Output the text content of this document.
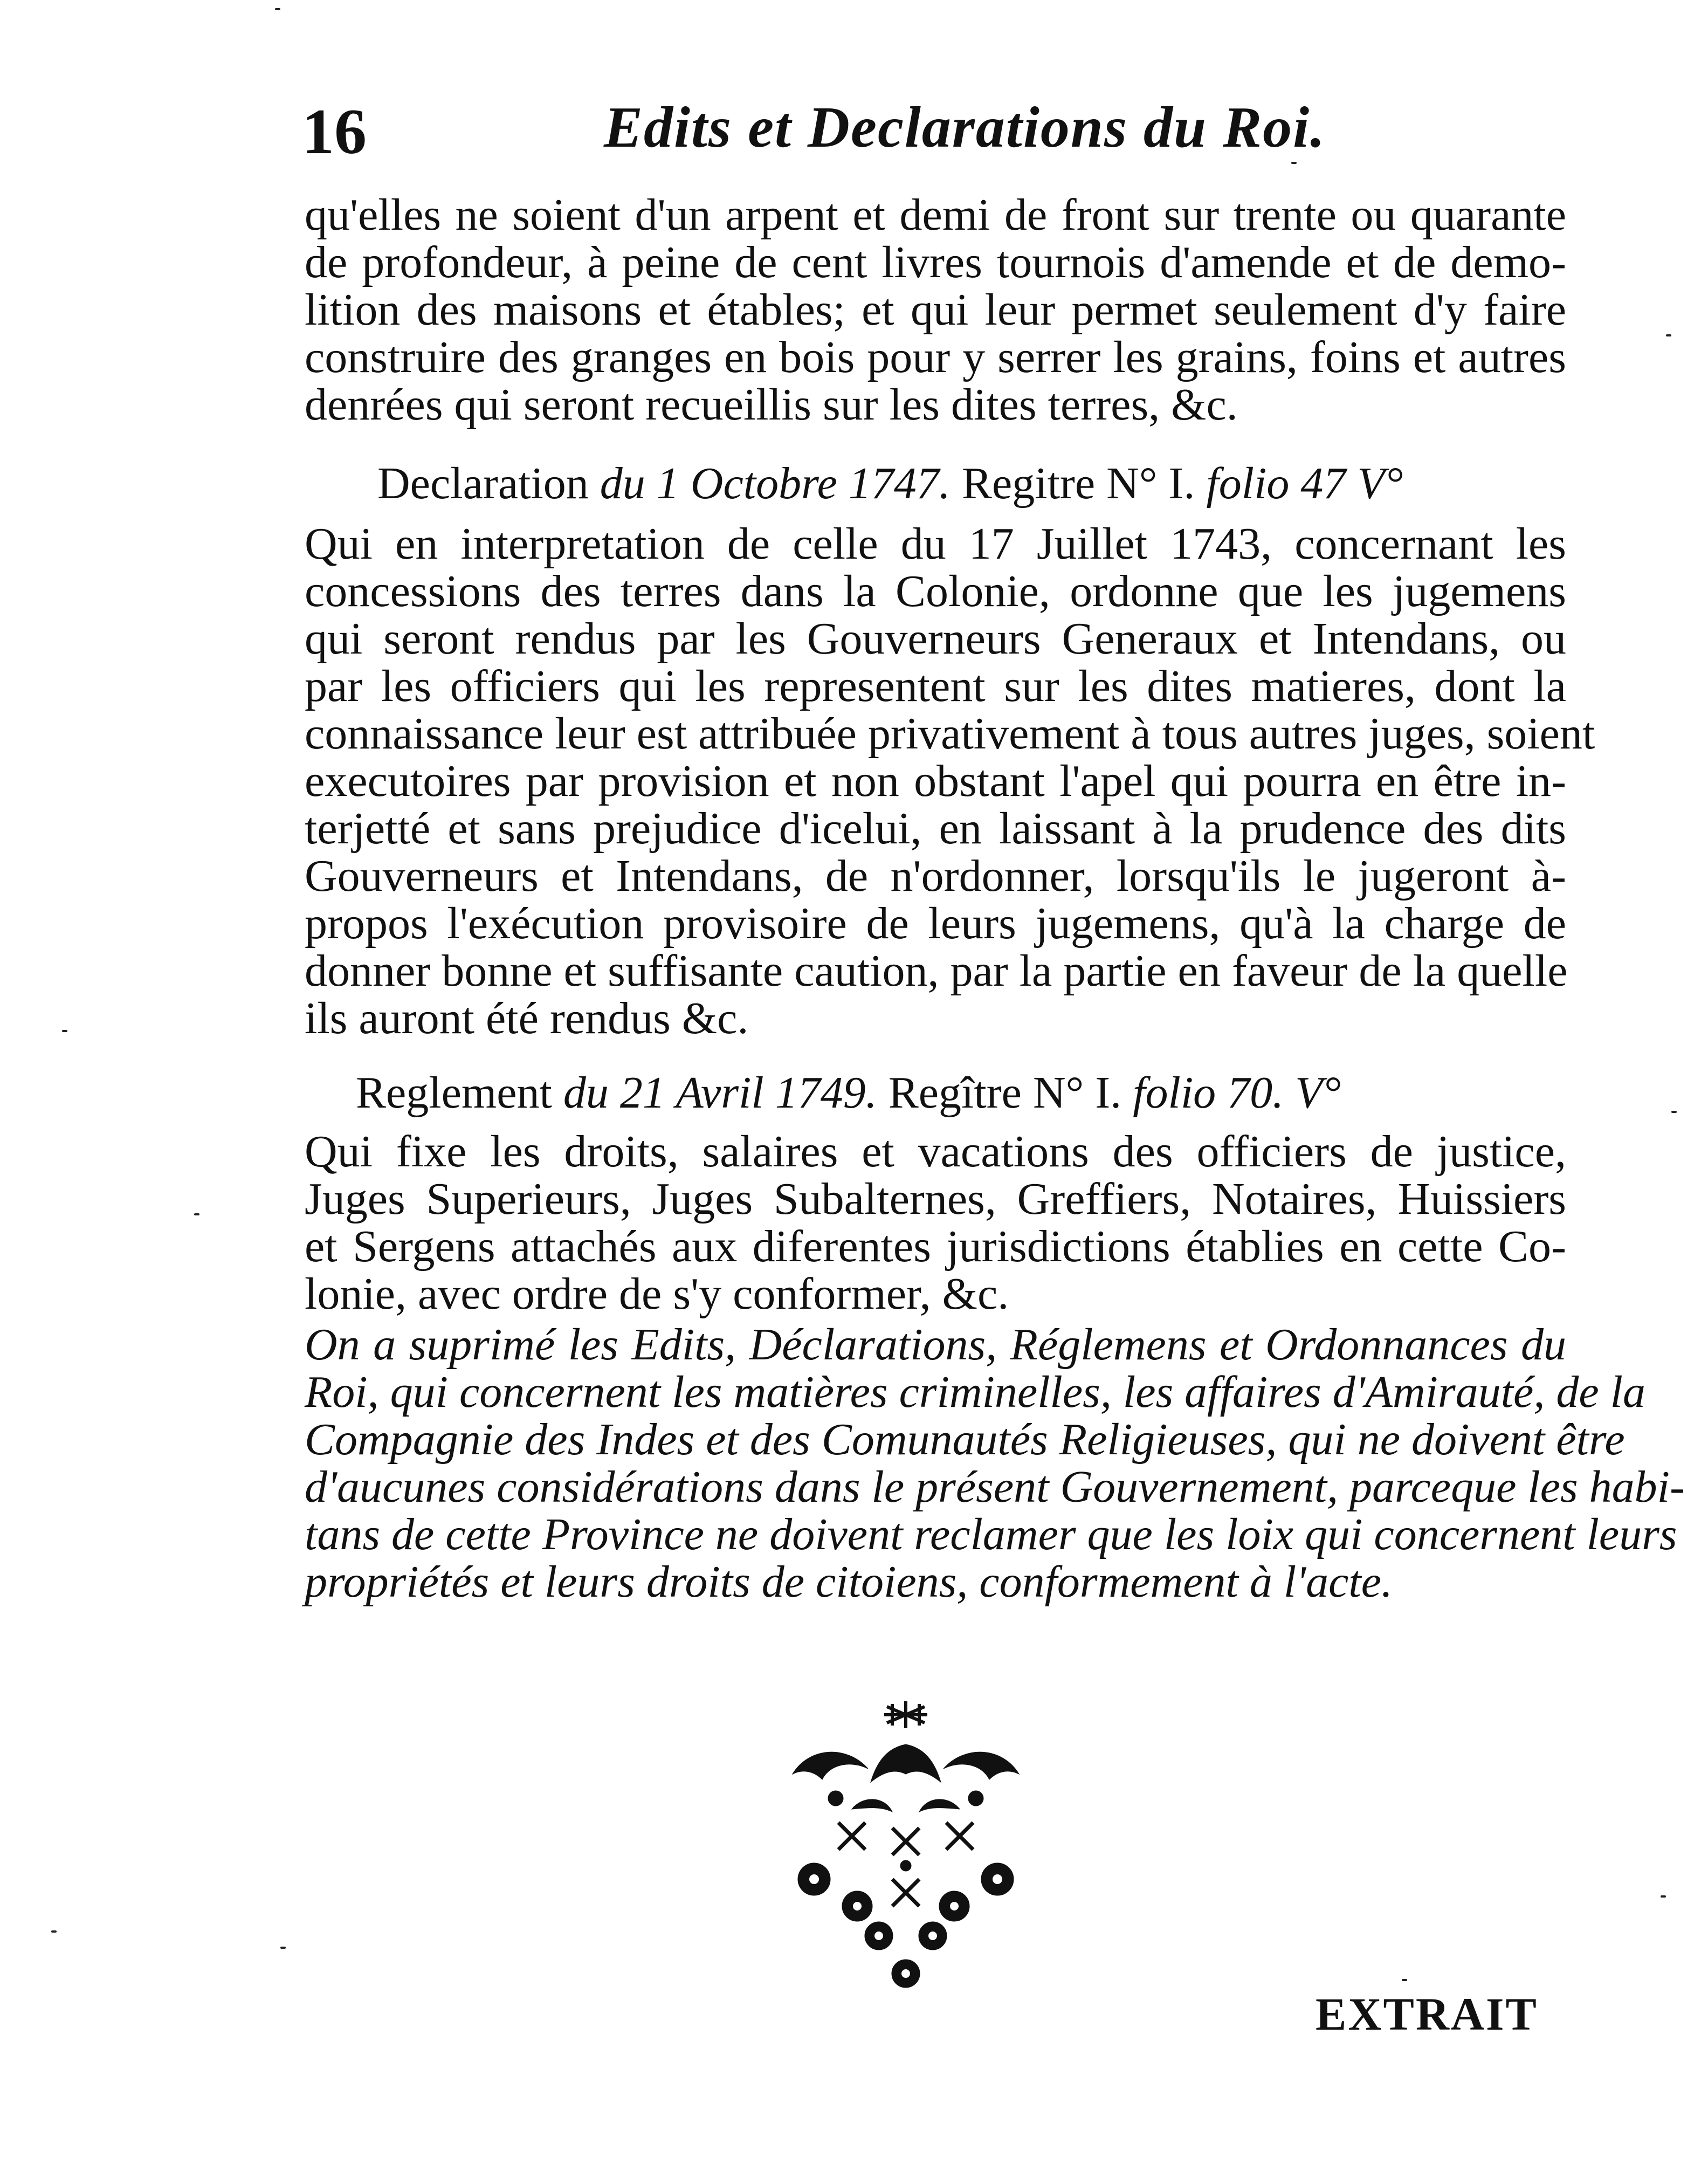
16	Edits et Declarations du Roi.

qu'elles ne soient d'un arpent et demi de front sur trente ou quarante

de profondeur, à peine de cent livres tournois d'amende et de demo-

lition des maisons et étables; et qui leur permet seulement d'y faire

construire des granges en bois pour y serrer les grains, foins et autres

denrées qui seront recueillis sur les dites terres, &c.

Declaration du 1 Octobre 1747. Regitre N° I. folio 47 V°

Qui en interpretation de celle du 17 Juillet 1743, concernant les

concessions des terres dans la Colonie, ordonne que les jugemens

qui seront rendus par les Gouverneurs Generaux et Intendans, ou

par les officiers qui les representent sur les dites matieres, dont la

connaissance leur est attribuée privativement à tous autres juges, soient

executoires par provision et non obstant l'apel qui pourra en être in-

terjetté et sans prejudice d'icelui, en laissant à la prudence des dits

Gouverneurs et Intendans, de n'ordonner, lorsqu'ils le jugeront à-

propos l'exécution provisoire de leurs jugemens, qu'à la charge de

donner bonne et suffisante caution, par la partie en faveur de la quelle

ils auront été rendus &c.

Reglement du 21 Avril 1749. Regître N° I. folio 70. V°

Qui fixe les droits, salaires et vacations des officiers de justice,

Juges Superieurs, Juges Subalternes, Greffiers, Notaires, Huissiers

et Sergens attachés aux diferentes jurisdictions établies en cette Co-

lonie, avec ordre de s'y conformer, &c.

On a suprimé les Edits, Déclarations, Réglemens et Ordonnances du

Roi, qui concernent les matières criminelles, les affaires d'Amirauté, de la

Compagnie des Indes et des Comunautés Religieuses, qui ne doivent être

d'aucunes considérations dans le présent Gouvernement, parceque les habi-

tans de cette Province ne doivent reclamer que les loix qui concernent leurs

propriétés et leurs droits de citoiens, conformement à l'acte.

EXTRAIT
